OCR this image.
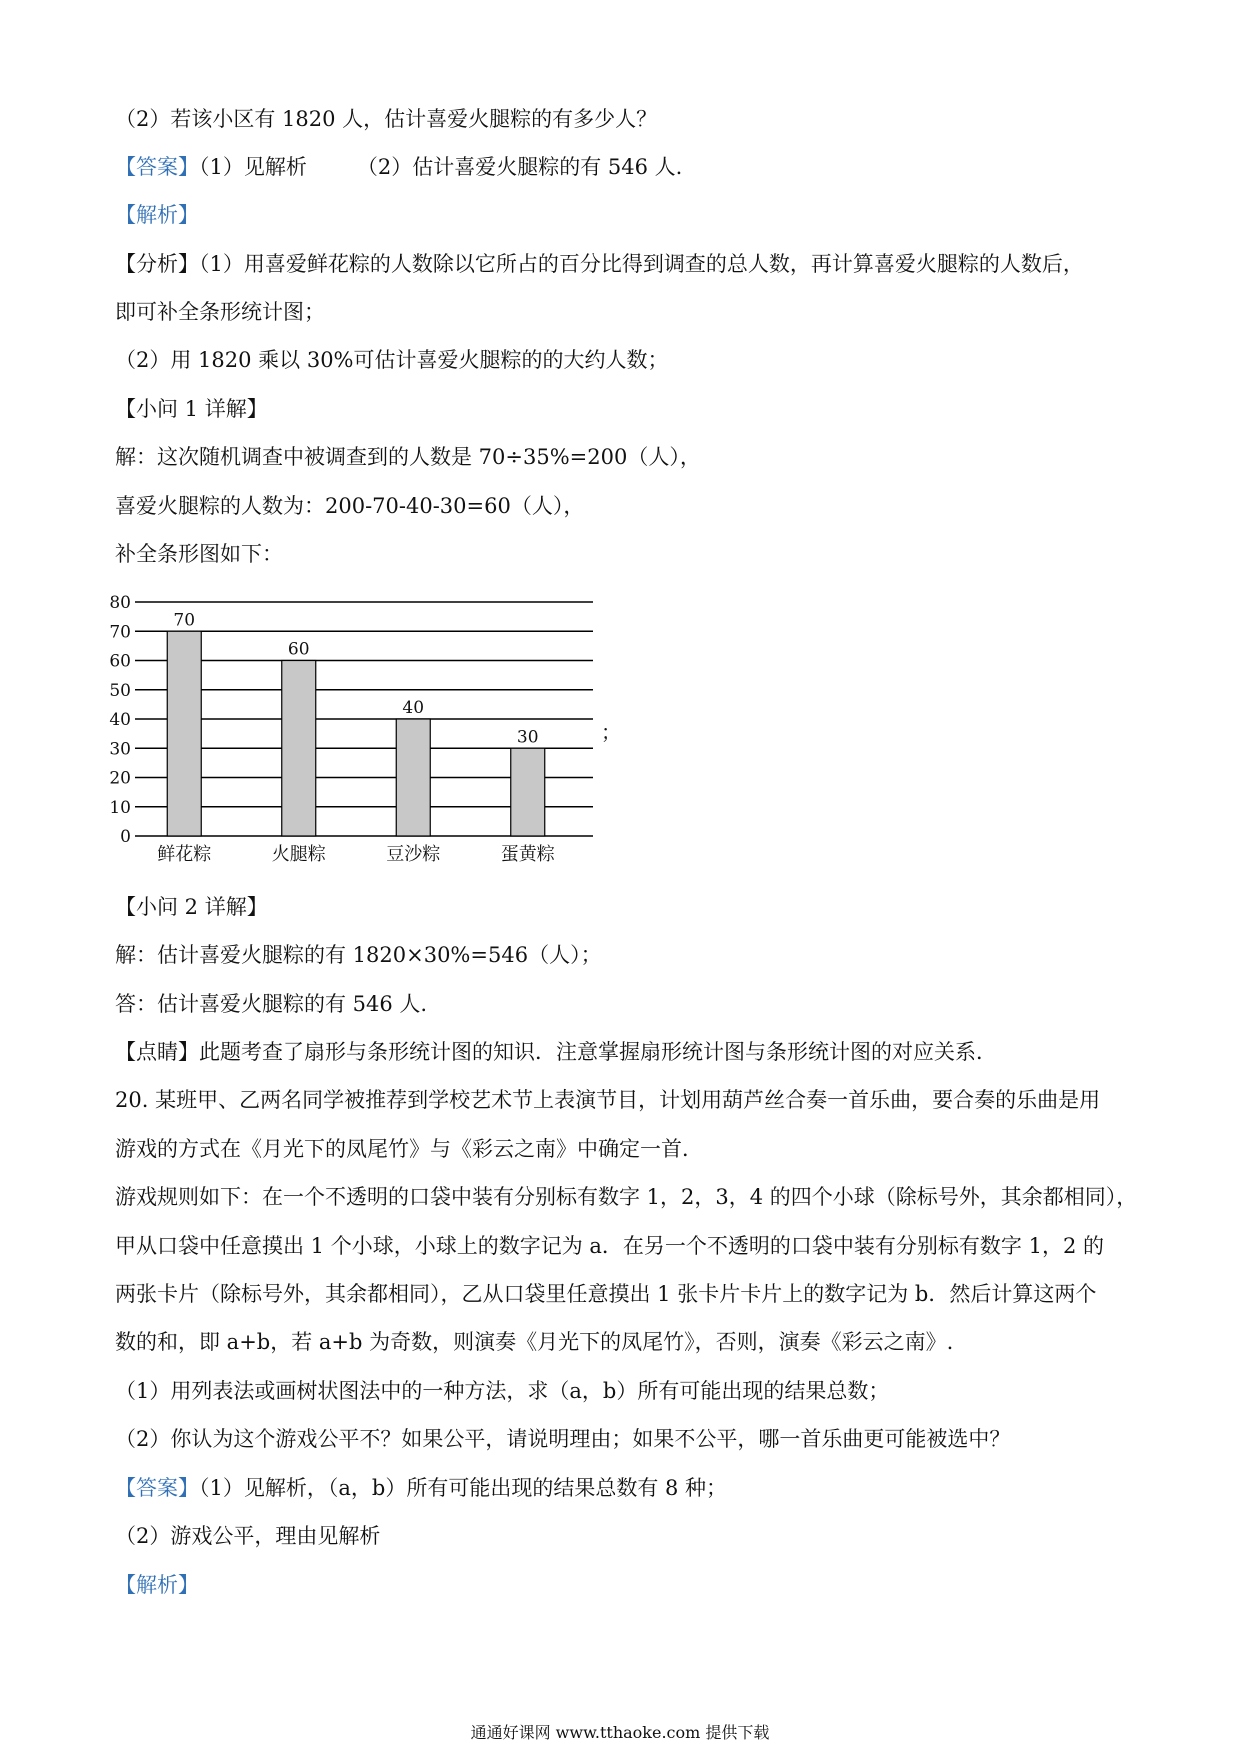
（2）若该小区有 1820 人，估计喜爱火腿粽的有多少人？
【答案】（1）见解析 （2）估计喜爱火腿粽的有 546 人.
【解析】
【分析】（1）用喜爱鲜花粽的人数除以它所占的百分比得到调查的总人数，再计算喜爱火腿粽的人数后，
即可补全条形统计图；
（2）用 1820 乘以 30%可估计喜爱火腿粽的的大约人数；
【小问 1 详解】
解：这次随机调查中被调查到的人数是 70÷35%=200（人），
喜爱火腿粽的人数为：200-70-40-30=60（人），
补全条形图如下：
0
10
20
30
40
50
60
70
80
70
鲜花粽
60
火腿粽
40
豆沙粽
30
蛋黄粽
；
【小问 2 详解】
解：估计喜爱火腿粽的有 1820×30%=546（人）；
答：估计喜爱火腿粽的有 546 人.
【点睛】此题考查了扇形与条形统计图的知识．注意掌握扇形统计图与条形统计图的对应关系．
20. 某班甲、乙两名同学被推荐到学校艺术节上表演节目，计划用葫芦丝合奏一首乐曲，要合奏的乐曲是用
游戏的方式在《月光下的凤尾竹》与《彩云之南》中确定一首．
游戏规则如下：在一个不透明的口袋中装有分别标有数字 1，2，3，4 的四个小球（除标号外，其余都相同），
甲从口袋中任意摸出 1 个小球，小球上的数字记为 a．在另一个不透明的口袋中装有分别标有数字 1，2 的
两张卡片（除标号外，其余都相同），乙从口袋里任意摸出 1 张卡片卡片上的数字记为 b．然后计算这两个
数的和，即 a+b，若 a+b 为奇数，则演奏《月光下的凤尾竹》，否则，演奏《彩云之南》.
（1）用列表法或画树状图法中的一种方法，求（a，b）所有可能出现的结果总数；
（2）你认为这个游戏公平不？如果公平，请说明理由；如果不公平，哪一首乐曲更可能被选中？
【答案】（1）见解析，（a，b）所有可能出现的结果总数有 8 种；
（2）游戏公平，理由见解析
【解析】
通通好课网 www.tthaoke.com 提供下载
